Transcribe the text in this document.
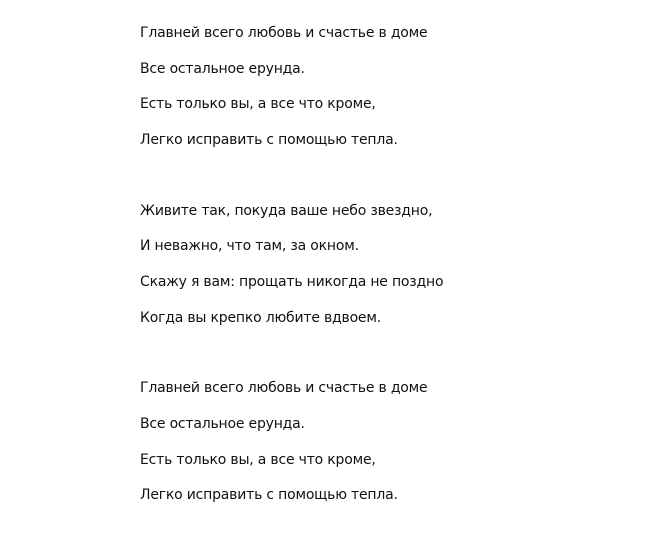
Главней всего любовь и счастье в доме
Все остальное ерунда.
Есть только вы, а все что кроме,
Легко исправить с помощью тепла.
Живите так, покуда ваше небо звездно,
И неважно, что там, за окном.
Скажу я вам: прощать никогда не поздно
Когда вы крепко любите вдвоем.
Главней всего любовь и счастье в доме
Все остальное ерунда.
Есть только вы, а все что кроме,
Легко исправить с помощью тепла.
